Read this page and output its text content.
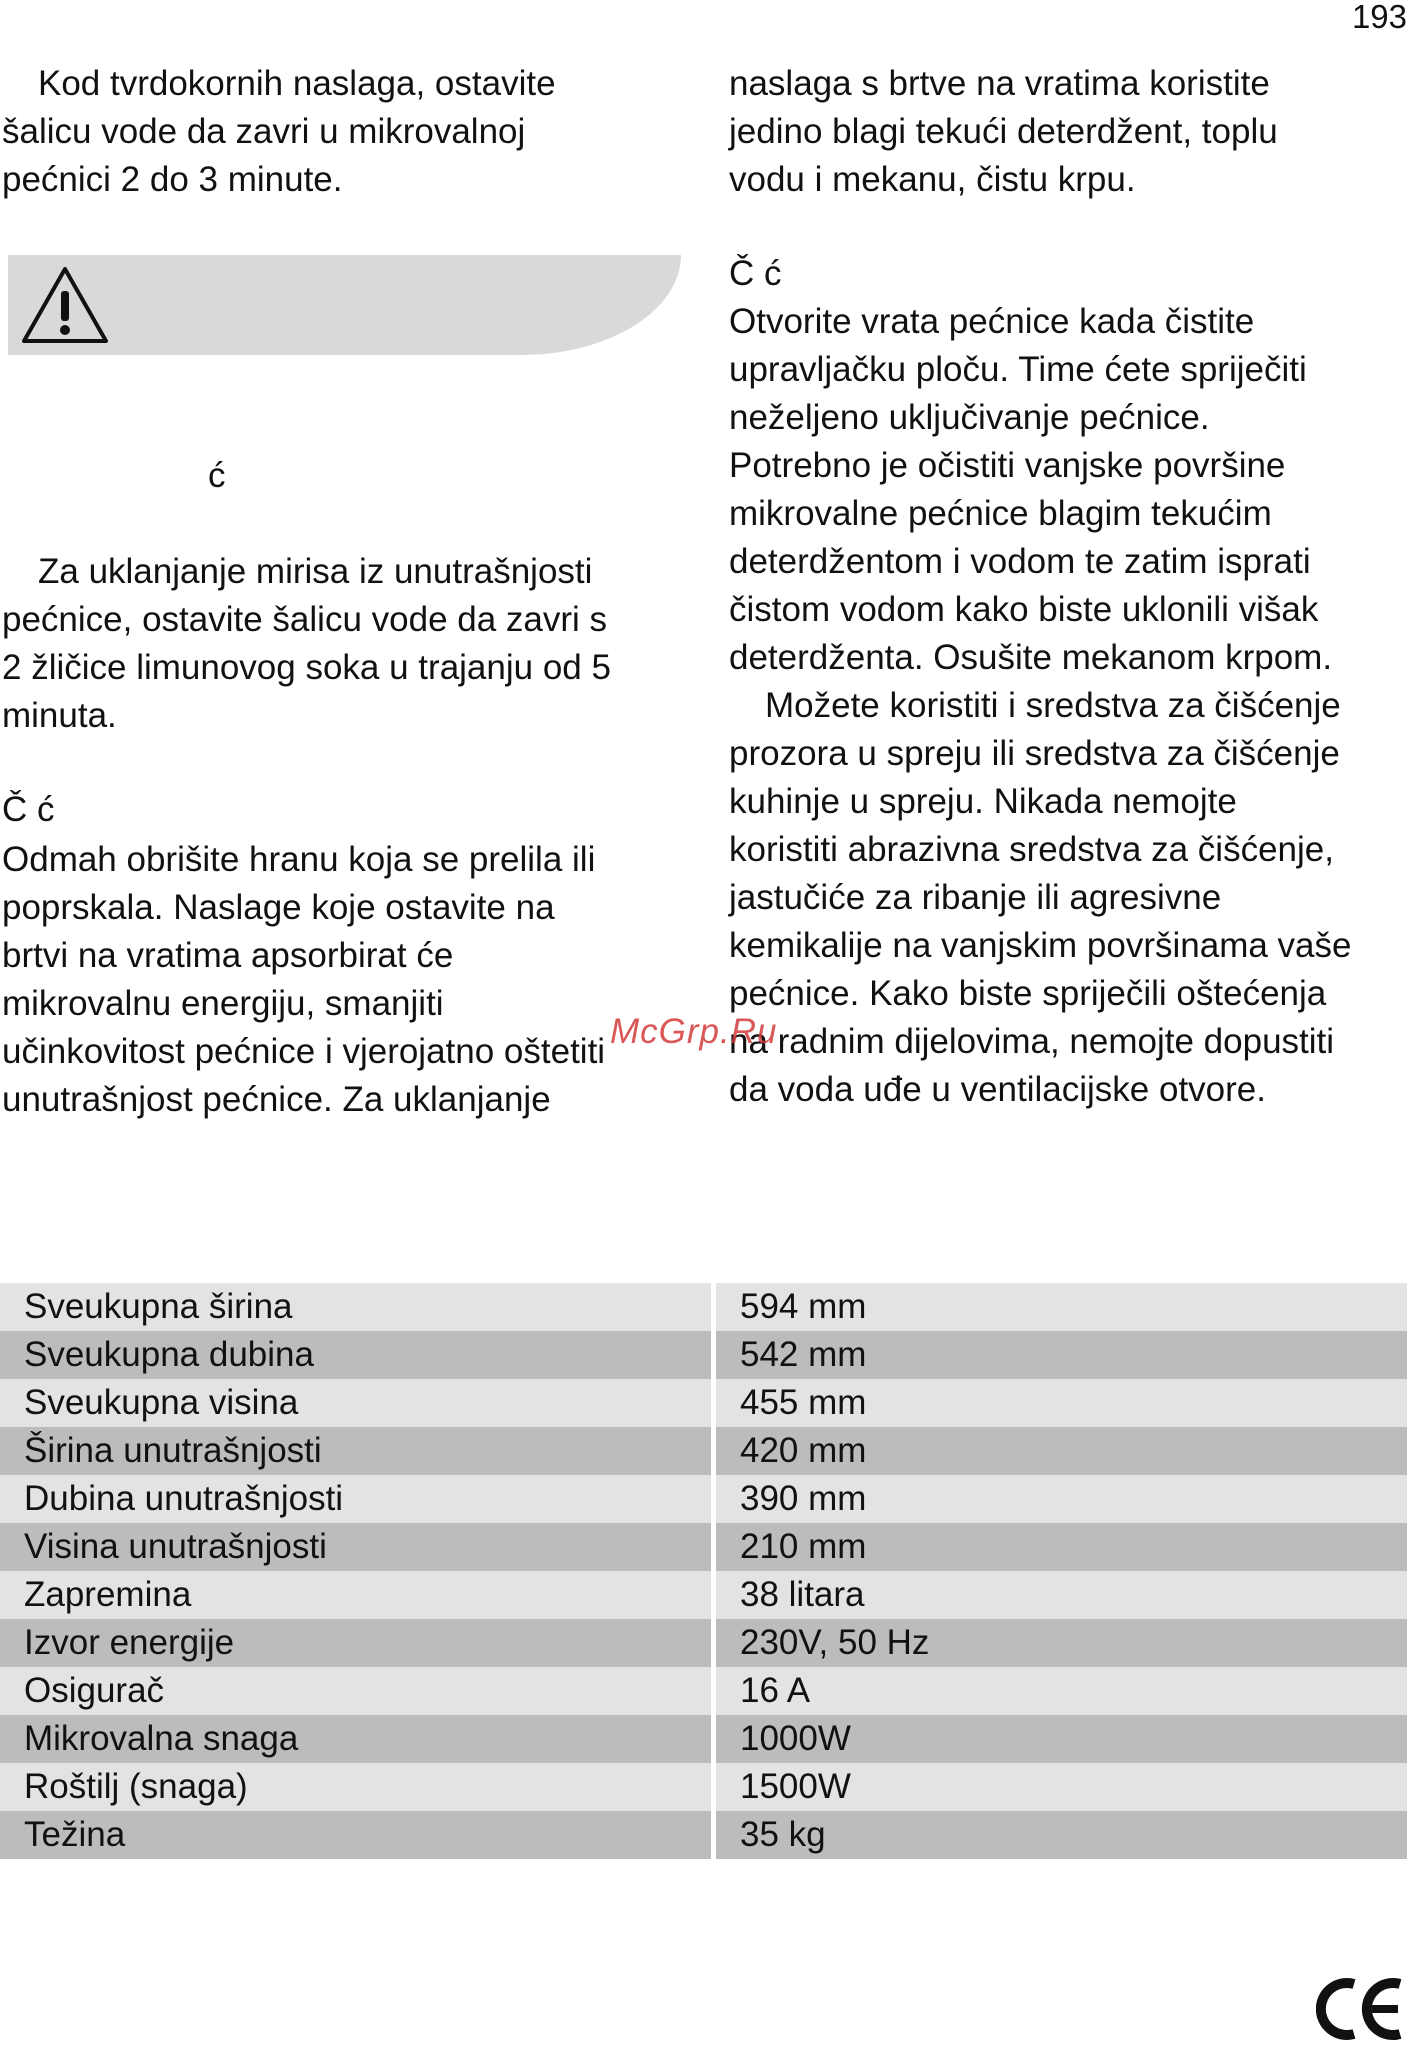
193

Kod tvrdokornih naslaga, ostavite

šalicu vode da zavri u mikrovalnoj

pećnici 2 do 3 minute.

ć

Za uklanjanje mirisa iz unutrašnjosti

pećnice, ostavite šalicu vode da zavri s

2 žličice limunovog soka u trajanju od 5

minuta.

Č ć

Odmah obrišite hranu koja se prelila ili

poprskala. Naslage koje ostavite na

brtvi na vratima apsorbirat će

mikrovalnu energiju, smanjiti

učinkovitost pećnice i vjerojatno oštetiti

unutrašnjost pećnice. Za uklanjanje

naslaga s brtve na vratima koristite

jedino blagi tekući deterdžent, toplu

vodu i mekanu, čistu krpu.

Č ć

Otvorite vrata pećnice kada čistite

upravljačku ploču. Time ćete spriječiti

neželjeno uključivanje pećnice.

Potrebno je očistiti vanjske površine

mikrovalne pećnice blagim tekućim

deterdžentom i vodom te zatim isprati

čistom vodom kako biste uklonili višak

deterdženta. Osušite mekanom krpom.

Možete koristiti i sredstva za čišćenje

prozora u spreju ili sredstva za čišćenje

kuhinje u spreju. Nikada nemojte

koristiti abrazivna sredstva za čišćenje,

jastučiće za ribanje ili agresivne

kemikalije na vanjskim površinama vaše

pećnice. Kako biste spriječili oštećenja

na radnim dijelovima, nemojte dopustiti

da voda uđe u ventilacijske otvore.

McGrp.Ru
Sveukupna širina	594 mm
Sveukupna dubina	542 mm
Sveukupna visina	455 mm
Širina unutrašnjosti	420 mm
Dubina unutrašnjosti	390 mm
Visina unutrašnjosti	210 mm
Zapremina	38 litara
Izvor energije	230V, 50 Hz
Osigurač	16 A
Mikrovalna snaga	1000W
Roštilj (snaga)	1500W
Težina	35 kg
